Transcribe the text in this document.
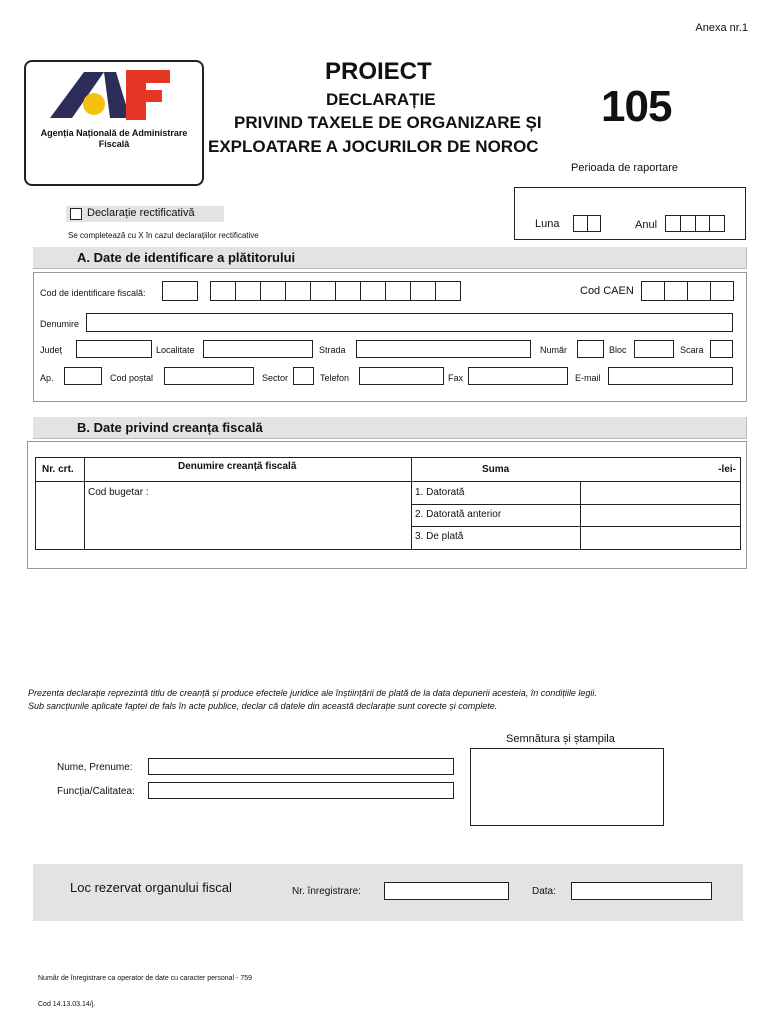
Anexa nr.1
Agenția Națională de Administrare Fiscală
PROIECT
DECLARAȚIE
PRIVIND TAXELE DE ORGANIZARE ȘI
EXPLOATARE A JOCURILOR DE NOROC
105
Perioada de raportare
Luna	Anul
Declarație rectificativă
Se completează cu X în cazul declarațiilor rectificative
A. Date de identificare a plătitorului
Cod de identificare fiscală:	Cod CAEN
Denumire
Județ	Localitate	Strada	Număr	Bloc	Scara
Ap.	Cod poștal	Sector	Telefon	Fax	E-mail
B. Date privind creanța fiscală
Nr. crt.	Denumire creanță fiscală	Suma	-lei-
Cod bugetar :	1. Datorată
2. Datorată anterior
3. De plată
Prezenta declarație reprezintă titlu de creanță și produce efectele juridice ale înștiințării de plată de la data depunerii acesteia, în condițiile legii.
Sub sancțiunile aplicate faptei de fals în acte publice, declar că datele din această declarație sunt corecte și complete.
Semnătura și ștampila
Nume, Prenume:
Funcția/Calitatea:
Loc rezervat organului fiscal	Nr. înregistrare:	Data:
Număr de înregistrare ca operator de date cu caracter personal - 759
Cod 14.13.03.14/j.
